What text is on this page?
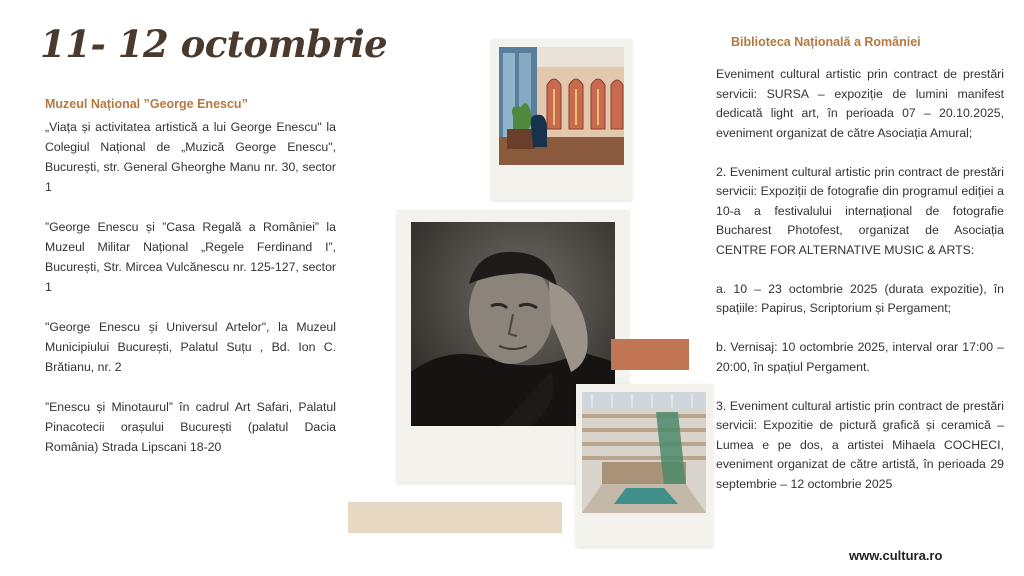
11- 12 octombrie
Muzeul Național ”George Enescu”

„Viața și activitatea artistică a lui George Enescu" la Colegiul Național de „Muzică George Enescu", București, str. General Gheorghe Manu nr. 30, sector 1

”George Enescu și ”Casa Regală a României” la Muzeul Militar Național „Regele Ferdinand I”, București, Str. Mircea Vulcănescu nr. 125-127, sector 1

"George Enescu și Universul Artelor", la Muzeul Municipiului București, Palatul Suțu , Bd. Ion C. Brătianu, nr. 2

”Enescu și Minotaurul” în cadrul Art Safari, Palatul Pinacotecii orașului București (palatul Dacia România) Strada Lipscani 18-20

Biblioteca Națională a României

Eveniment cultural artistic prin contract de prestări servicii: SURSA – expoziție de lumini manifest dedicată light art, în perioada 07 – 20.10.2025, eveniment organizat de către Asociația Amural;

2. Eveniment cultural artistic prin contract de prestări servicii: Expoziții de fotografie din programul ediției a 10-a a festivalului internațional de fotografie Bucharest Photofest, organizat de Asociația CENTRE FOR ALTERNATIVE MUSIC & ARTS:

a. 10 – 23 octombrie 2025 (durata expozitie), în spațiile: Papirus, Scriptorium și Pergament;

b. Vernisaj: 10 octombrie 2025, interval orar 17:00 – 20:00, în spațiul Pergament.

3. Eveniment cultural artistic prin contract de prestări servicii: Expozitie de pictură grafică și ceramică – Lumea e pe dos, a artistei Mihaela COCHECI, eveniment organizat de către artistă, în perioada 29 septembrie – 12 octombrie 2025

www.cultura.ro
